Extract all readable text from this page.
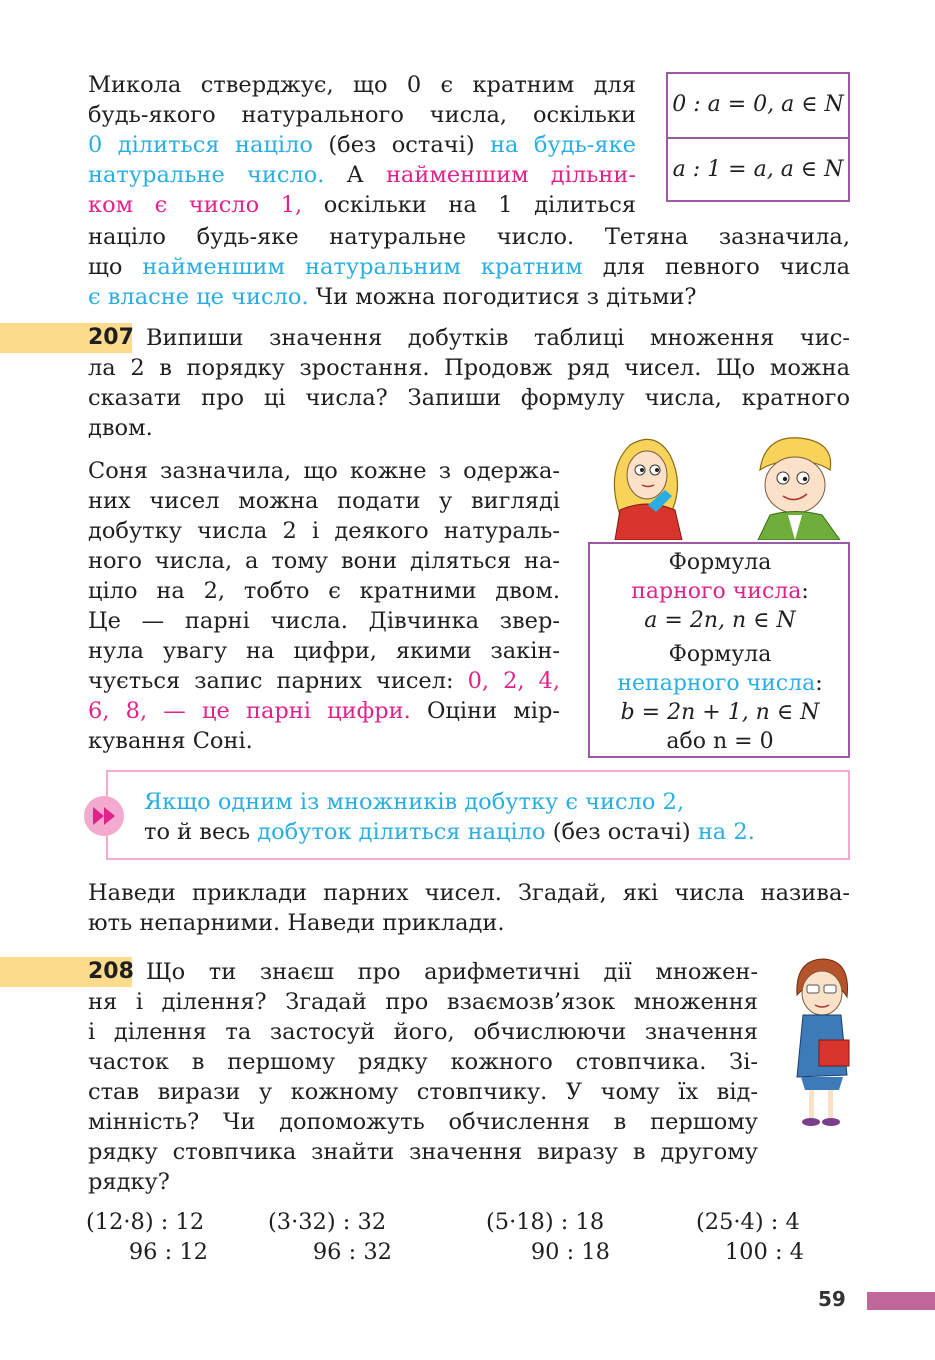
Микола стверджує, що 0 є кратним для
будь-якого натурального числа, оскільки
0 ділиться націло (без остачі) на будь-яке
натуральне число. А найменшим дільни-
ком є число 1, оскільки на 1 ділиться
націло будь-яке натуральне число. Тетяна зазначила,
що найменшим натуральним кратним для певного числа
є власне це число. Чи можна погодитися з дітьми?
0 : a = 0, a ∈ N
a : 1 = a, a ∈ N
207 Випиши значення добутків таблиці множення чис-
ла 2 в порядку зростання. Продовж ряд чисел. Що можна
сказати про ці числа? Запиши формулу числа, кратного
двом.
Соня зазначила, що кожне з одержа-
них чисел можна подати у вигляді
добутку числа 2 і деякого натураль-
ного числа, а тому вони діляться на-
ціло на 2, тобто є кратними двом.
Це — парні числа. Дівчинка звер-
нула увагу на цифри, якими закін-
чується запис парних чисел: 0, 2, 4,
6, 8, — це парні цифри. Оціни мір-
кування Соні.
Формула
парного числа:
a = 2n, n ∈ N
Формула
непарного числа:
b = 2n + 1, n ∈ N
або n = 0
Якщо одним із множників добутку є число 2,
то й весь добуток ділиться націло (без остачі) на 2.
Наведи приклади парних чисел. Згадай, які числа назива-
ють непарними. Наведи приклади.
208 Що ти знаєш про арифметичні дії множен-
ня і ділення? Згадай про взаємозв’язок множення
і ділення та застосуй його, обчислюючи значення
часток в першому рядку кожного стовпчика. Зі-
став вирази у кожному стовпчику. У чому їх від-
мінність? Чи допоможуть обчислення в першому
рядку стовпчика знайти значення виразу в другому
рядку?
(12·8) : 12
96 : 12
(3·32) : 32
96 : 32
(5·18) : 18
90 : 18
(25·4) : 4
100 : 4
59
